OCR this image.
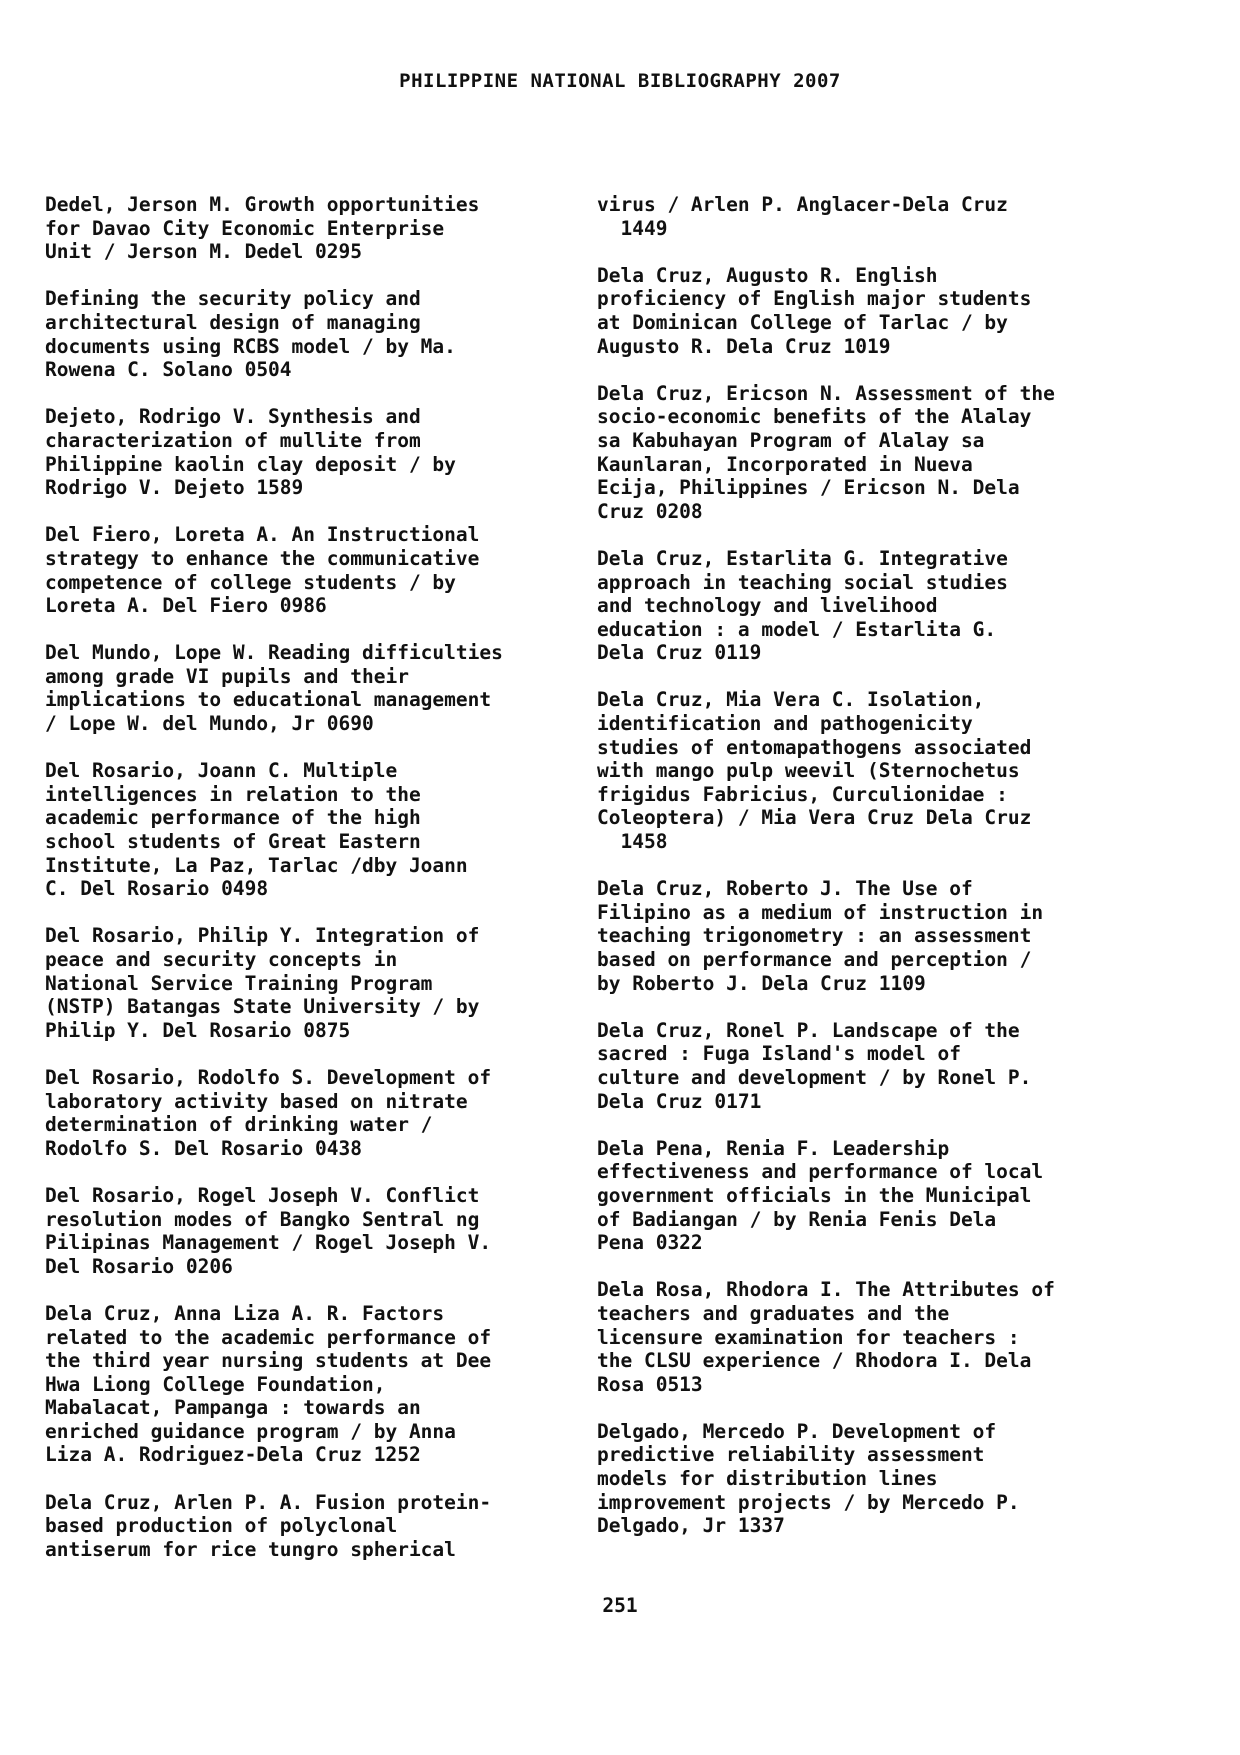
PHILIPPINE NATIONAL BIBLIOGRAPHY 2007
Dedel, Jerson M. Growth opportunities
for Davao City Economic Enterprise
Unit / Jerson M. Dedel 0295
Defining the security policy and
architectural design of managing
documents using RCBS model / by Ma.
Rowena C. Solano 0504
Dejeto, Rodrigo V. Synthesis and
characterization of mullite from
Philippine kaolin clay deposit / by
Rodrigo V. Dejeto 1589
Del Fiero, Loreta A. An Instructional
strategy to enhance the communicative
competence of college students / by
Loreta A. Del Fiero 0986
Del Mundo, Lope W. Reading difficulties
among grade VI pupils and their
implications to educational management
/ Lope W. del Mundo, Jr 0690
Del Rosario, Joann C. Multiple
intelligences in relation to the
academic performance of the high
school students of Great Eastern
Institute, La Paz, Tarlac /dby Joann
C. Del Rosario 0498
Del Rosario, Philip Y. Integration of
peace and security concepts in
National Service Training Program
(NSTP) Batangas State University / by
Philip Y. Del Rosario 0875
Del Rosario, Rodolfo S. Development of
laboratory activity based on nitrate
determination of drinking water /
Rodolfo S. Del Rosario 0438
Del Rosario, Rogel Joseph V. Conflict
resolution modes of Bangko Sentral ng
Pilipinas Management / Rogel Joseph V.
Del Rosario 0206
Dela Cruz, Anna Liza A. R. Factors
related to the academic performance of
the third year nursing students at Dee
Hwa Liong College Foundation,
Mabalacat, Pampanga : towards an
enriched guidance program / by Anna
Liza A. Rodriguez-Dela Cruz 1252
Dela Cruz, Arlen P. A. Fusion protein-
based production of polyclonal
antiserum for rice tungro spherical
virus / Arlen P. Anglacer-Dela Cruz
1449
Dela Cruz, Augusto R. English
proficiency of English major students
at Dominican College of Tarlac / by
Augusto R. Dela Cruz 1019
Dela Cruz, Ericson N. Assessment of the
socio-economic benefits of the Alalay
sa Kabuhayan Program of Alalay sa
Kaunlaran, Incorporated in Nueva
Ecija, Philippines / Ericson N. Dela
Cruz 0208
Dela Cruz, Estarlita G. Integrative
approach in teaching social studies
and technology and livelihood
education : a model / Estarlita G.
Dela Cruz 0119
Dela Cruz, Mia Vera C. Isolation,
identification and pathogenicity
studies of entomapathogens associated
with mango pulp weevil (Sternochetus
frigidus Fabricius, Curculionidae :
Coleoptera) / Mia Vera Cruz Dela Cruz
1458
Dela Cruz, Roberto J. The Use of
Filipino as a medium of instruction in
teaching trigonometry : an assessment
based on performance and perception /
by Roberto J. Dela Cruz 1109
Dela Cruz, Ronel P. Landscape of the
sacred : Fuga Island's model of
culture and development / by Ronel P.
Dela Cruz 0171
Dela Pena, Renia F. Leadership
effectiveness and performance of local
government officials in the Municipal
of Badiangan / by Renia Fenis Dela
Pena 0322
Dela Rosa, Rhodora I. The Attributes of
teachers and graduates and the
licensure examination for teachers :
the CLSU experience / Rhodora I. Dela
Rosa 0513
Delgado, Mercedo P. Development of
predictive reliability assessment
models for distribution lines
improvement projects / by Mercedo P.
Delgado, Jr 1337
251
